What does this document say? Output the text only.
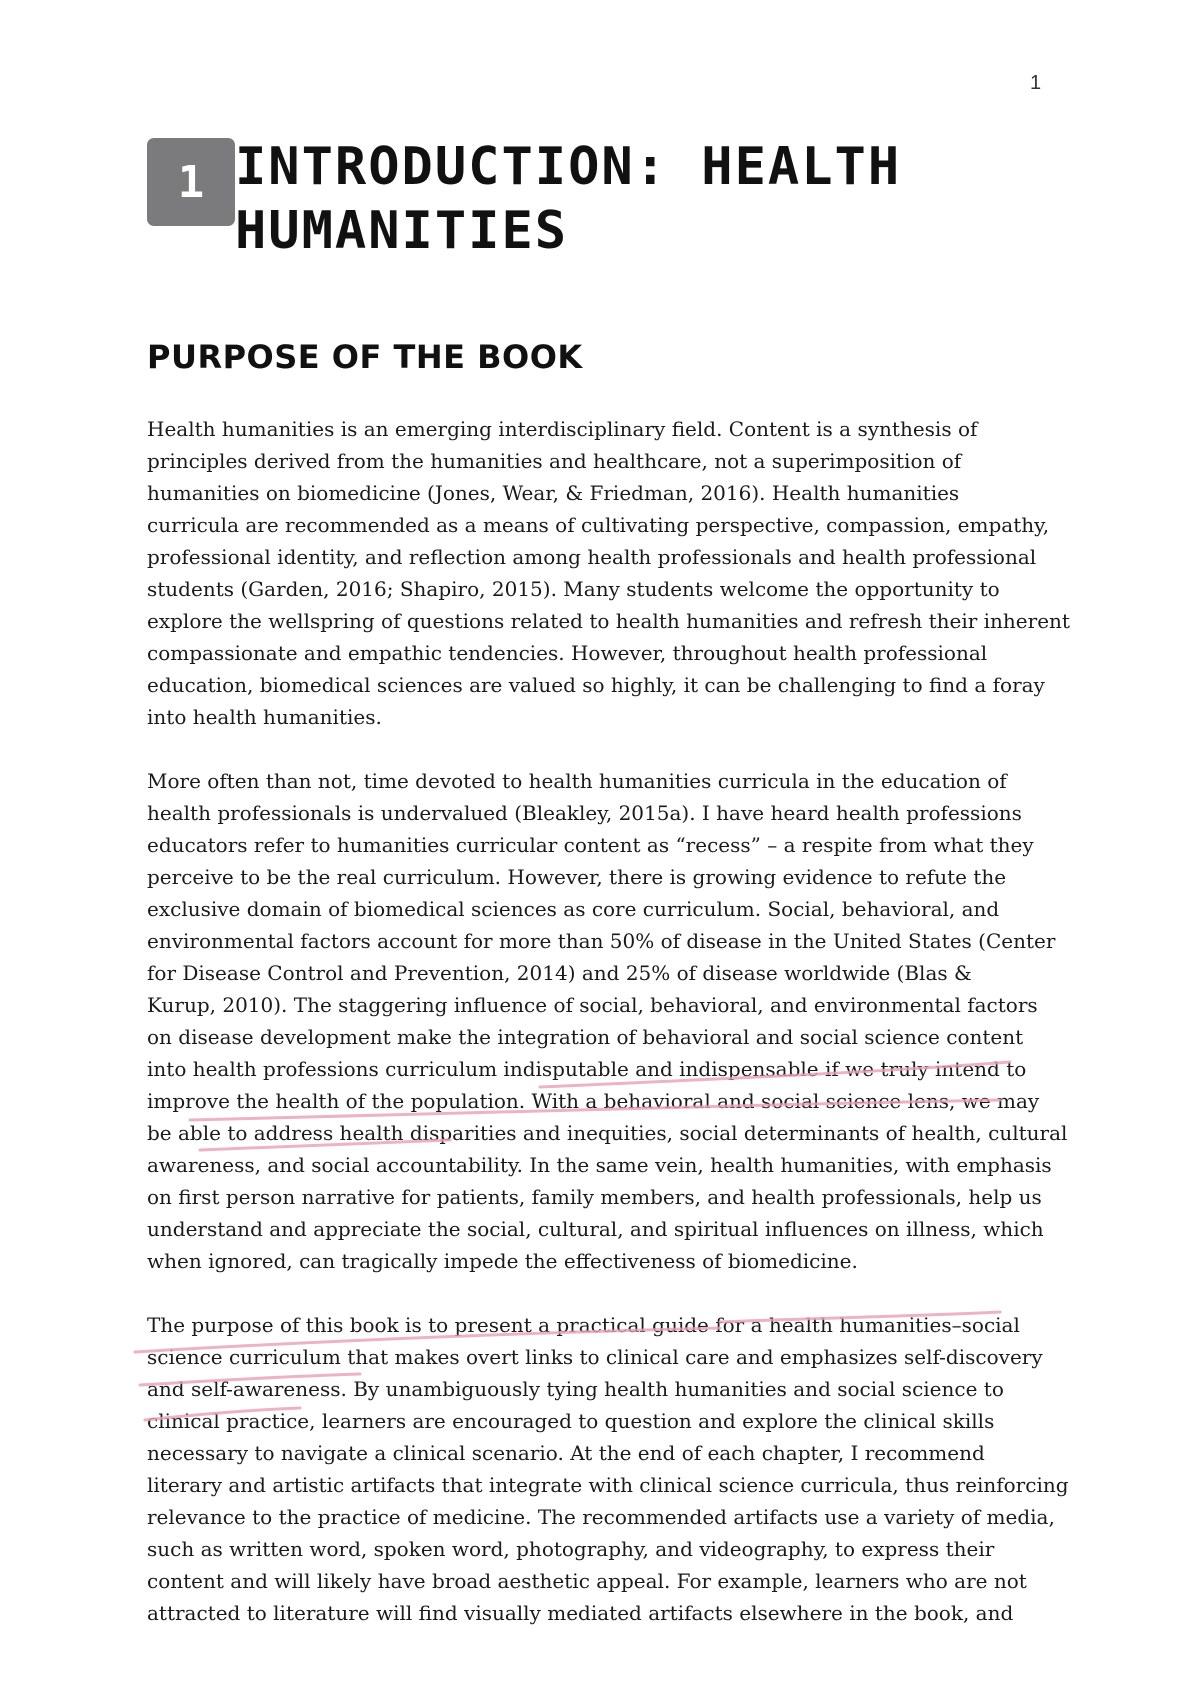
1
1 INTRODUCTION: HEALTH
HUMANITIES
PURPOSE OF THE BOOK

Health humanities is an emerging interdisciplinary field. Content is a synthesis of
principles derived from the humanities and healthcare, not a superimposition of
humanities on biomedicine (Jones, Wear, & Friedman, 2016). Health humanities
curricula are recommended as a means of cultivating perspective, compassion, empathy,
professional identity, and reflection among health professionals and health professional
students (Garden, 2016; Shapiro, 2015). Many students welcome the opportunity to
explore the wellspring of questions related to health humanities and refresh their inherent
compassionate and empathic tendencies. However, throughout health professional
education, biomedical sciences are valued so highly, it can be challenging to find a foray
into health humanities.

More often than not, time devoted to health humanities curricula in the education of
health professionals is undervalued (Bleakley, 2015a). I have heard health professions
educators refer to humanities curricular content as “recess” – a respite from what they
perceive to be the real curriculum. However, there is growing evidence to refute the
exclusive domain of biomedical sciences as core curriculum. Social, behavioral, and
environmental factors account for more than 50% of disease in the United States (Center
for Disease Control and Prevention, 2014) and 25% of disease worldwide (Blas &
Kurup, 2010). The staggering influence of social, behavioral, and environmental factors
on disease development make the integration of behavioral and social science content
into health professions curriculum indisputable and indispensable if we truly intend to
improve the health of the population. With a behavioral and social science lens, we may
be able to address health disparities and inequities, social determinants of health, cultural
awareness, and social accountability. In the same vein, health humanities, with emphasis
on first person narrative for patients, family members, and health professionals, help us
understand and appreciate the social, cultural, and spiritual influences on illness, which
when ignored, can tragically impede the effectiveness of biomedicine.

The purpose of this book is to present a practical guide for a health humanities–social
science curriculum that makes overt links to clinical care and emphasizes self-discovery
and self-awareness. By unambiguously tying health humanities and social science to
clinical practice, learners are encouraged to question and explore the clinical skills
necessary to navigate a clinical scenario. At the end of each chapter, I recommend
literary and artistic artifacts that integrate with clinical science curricula, thus reinforcing
relevance to the practice of medicine. The recommended artifacts use a variety of media,
such as written word, spoken word, photography, and videography, to express their
content and will likely have broad aesthetic appeal. For example, learners who are not
attracted to literature will find visually mediated artifacts elsewhere in the book, and
